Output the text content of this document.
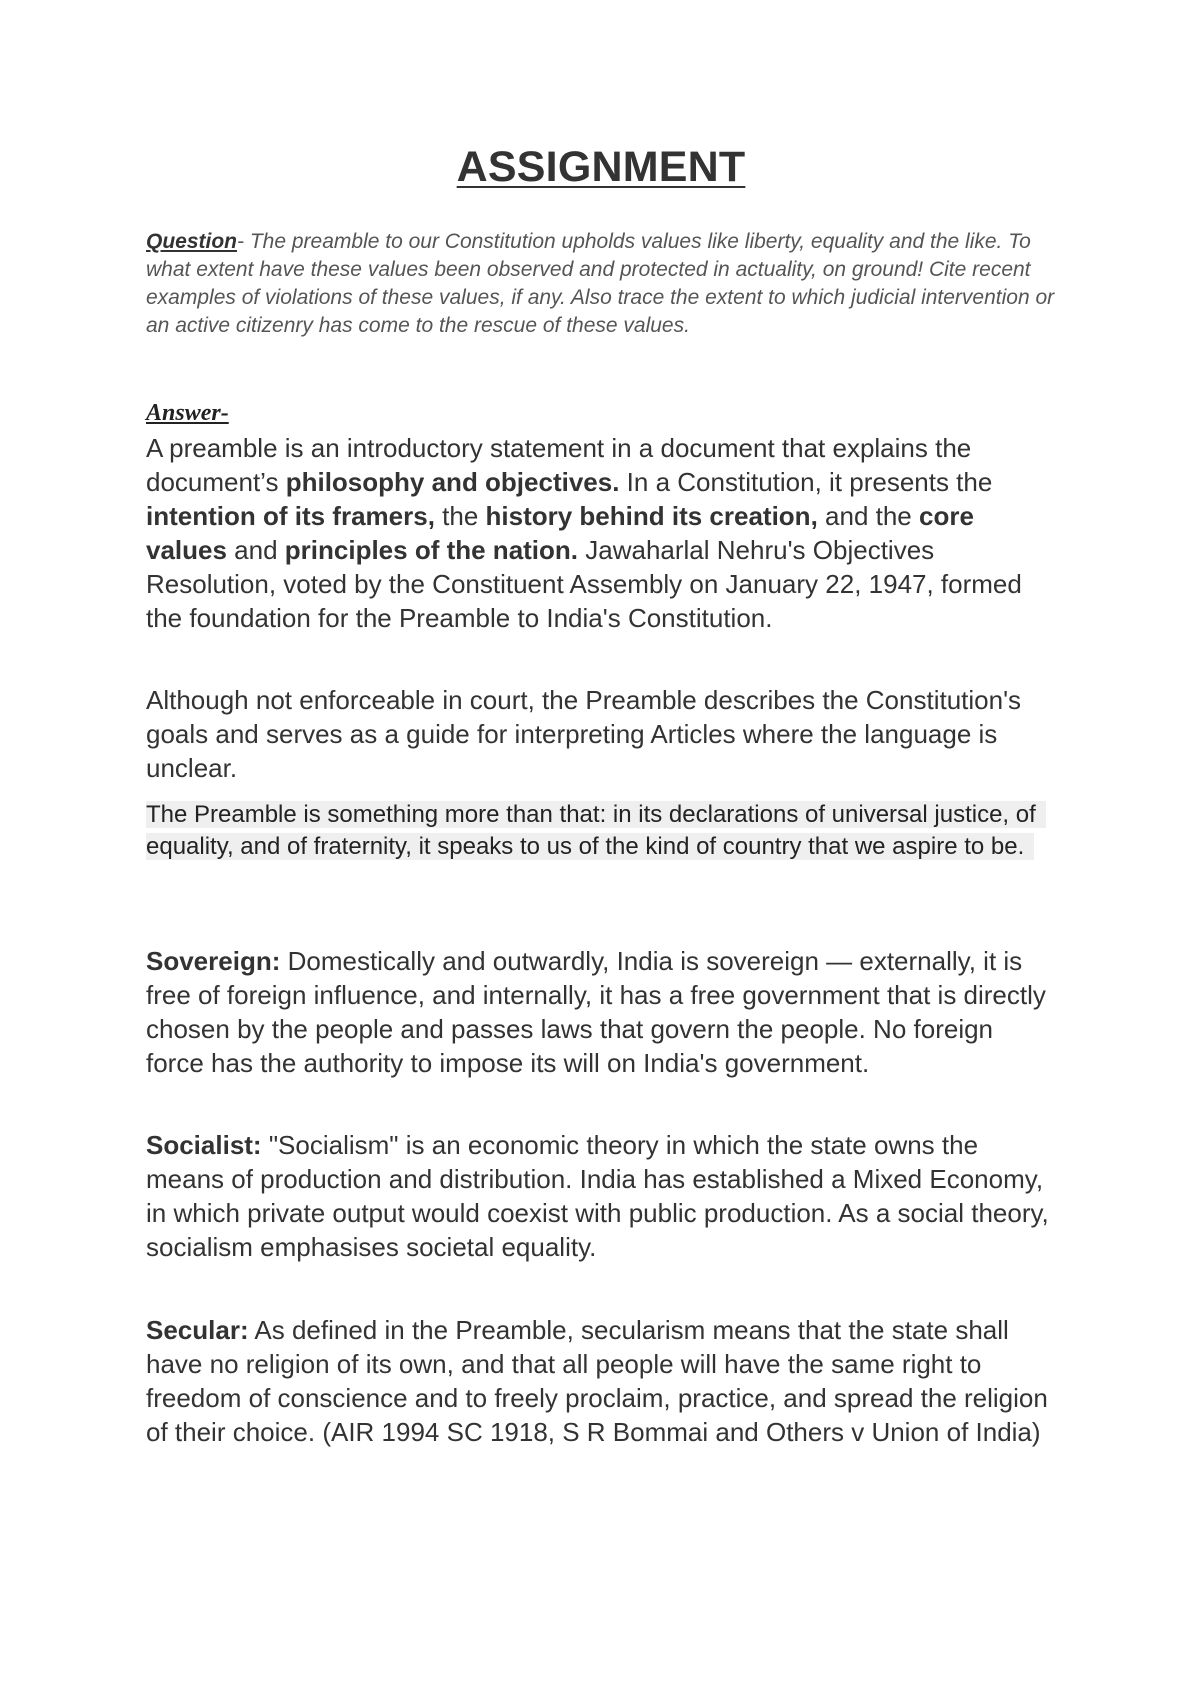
ASSIGNMENT
Question- The preamble to our Constitution upholds values like liberty, equality and the like. To what extent have these values been observed and protected in actuality, on ground! Cite recent examples of violations of these values, if any. Also trace the extent to which judicial intervention or an active citizenry has come to the rescue of these values.
Answer-

A preamble is an introductory statement in a document that explains the document’s philosophy and objectives. In a Constitution, it presents the intention of its framers, the history behind its creation, and the core values and principles of the nation. Jawaharlal Nehru's Objectives Resolution, voted by the Constituent Assembly on January 22, 1947, formed the foundation for the Preamble to India's Constitution.

Although not enforceable in court, the Preamble describes the Constitution's goals and serves as a guide for interpreting Articles where the language is unclear.

The Preamble is something more than that: in its declarations of universal justice, of equality, and of fraternity, it speaks to us of the kind of country that we aspire to be.

Sovereign: Domestically and outwardly, India is sovereign — externally, it is free of foreign influence, and internally, it has a free government that is directly chosen by the people and passes laws that govern the people. No foreign force has the authority to impose its will on India's government.

Socialist: "Socialism" is an economic theory in which the state owns the means of production and distribution. India has established a Mixed Economy, in which private output would coexist with public production. As a social theory, socialism emphasises societal equality.

Secular: As defined in the Preamble, secularism means that the state shall have no religion of its own, and that all people will have the same right to freedom of conscience and to freely proclaim, practice, and spread the religion of their choice. (AIR 1994 SC 1918, S R Bommai and Others v Union of India)
